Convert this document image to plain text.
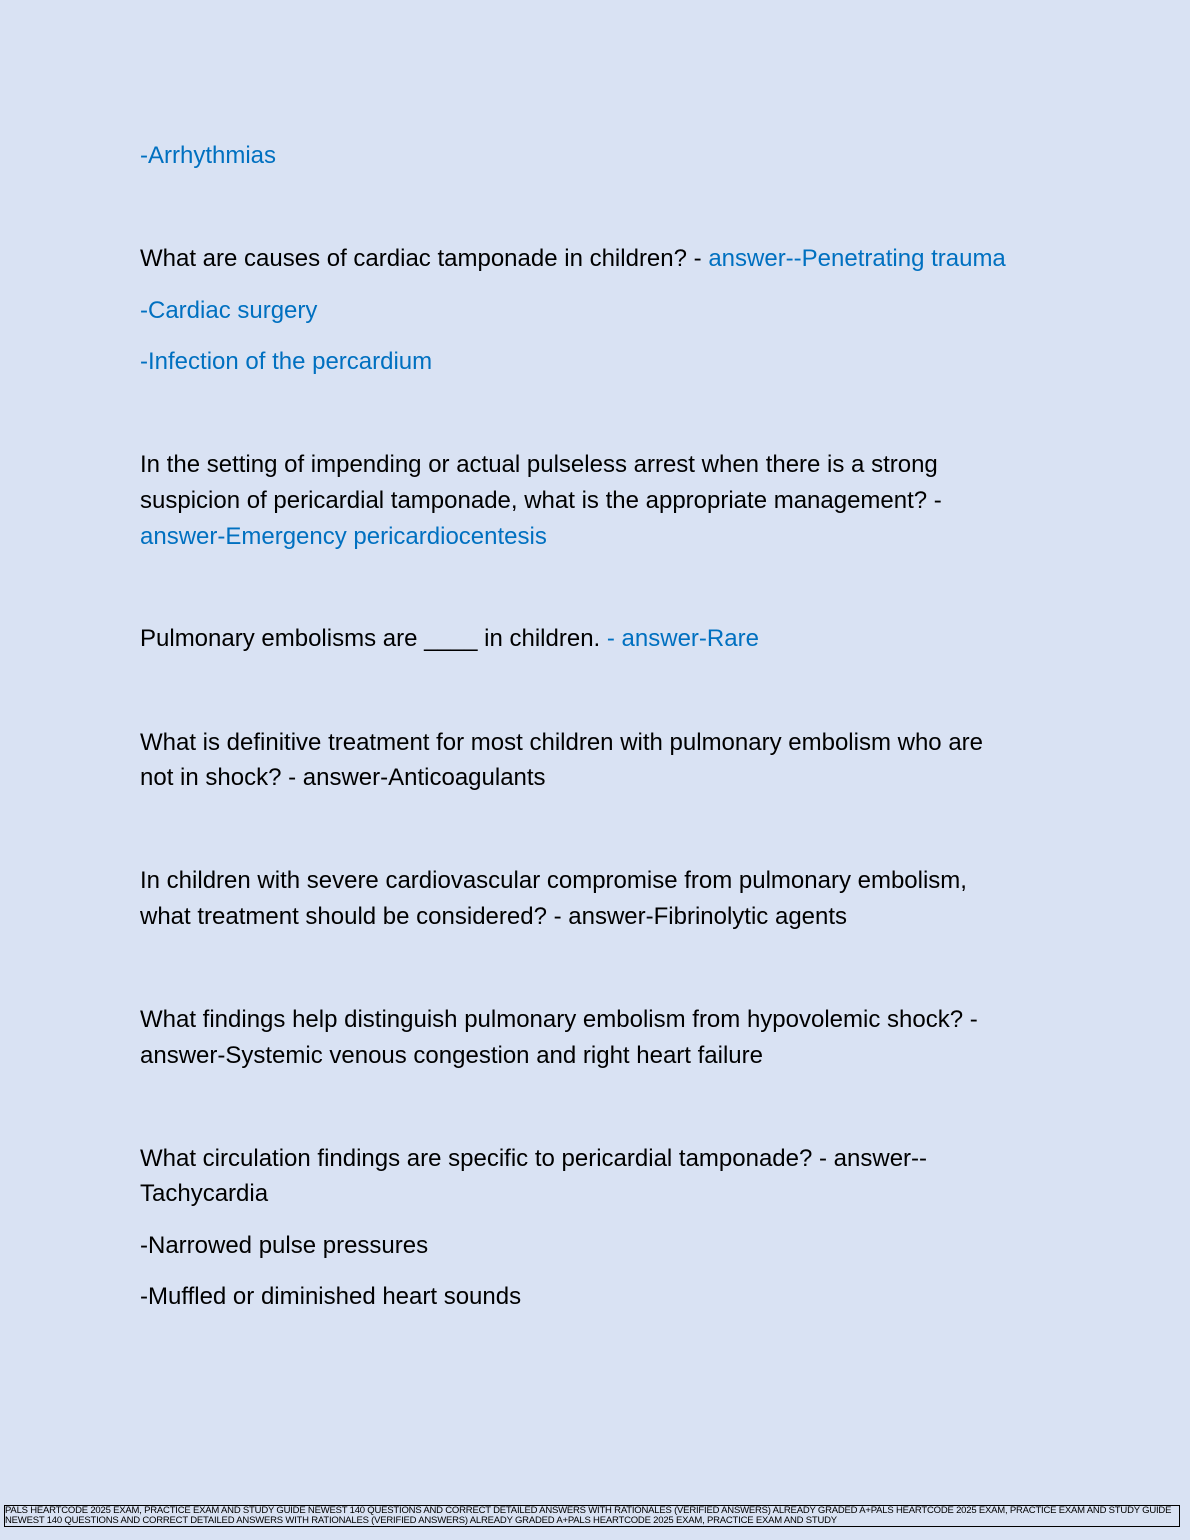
-Arrhythmias
What are causes of cardiac tamponade in children? - answer--Penetrating trauma
-Cardiac surgery
-Infection of the percardium
In the setting of impending or actual pulseless arrest when there is a strong
suspicion of pericardial tamponade, what is the appropriate management? -
answer-Emergency pericardiocentesis
Pulmonary embolisms are ____ in children. - answer-Rare
What is definitive treatment for most children with pulmonary embolism who are
not in shock? - answer-Anticoagulants
In children with severe cardiovascular compromise from pulmonary embolism,
what treatment should be considered? - answer-Fibrinolytic agents
What findings help distinguish pulmonary embolism from hypovolemic shock? -
answer-Systemic venous congestion and right heart failure
What circulation findings are specific to pericardial tamponade? - answer--
Tachycardia
-Narrowed pulse pressures
-Muffled or diminished heart sounds
PALS HEARTCODE 2025 EXAM, PRACTICE EXAM AND STUDY GUIDE NEWEST 140 QUESTIONS AND CORRECT DETAILED ANSWERS WITH RATIONALES (VERIFIED ANSWERS) ALREADY GRADED A+PALS HEARTCODE 2025 EXAM, PRACTICE EXAM AND STUDY GUIDE NEWEST 140 QUESTIONS AND CORRECT DETAILED ANSWERS WITH RATIONALES (VERIFIED ANSWERS) ALREADY GRADED A+PALS HEARTCODE 2025 EXAM, PRACTICE EXAM AND STUDY
